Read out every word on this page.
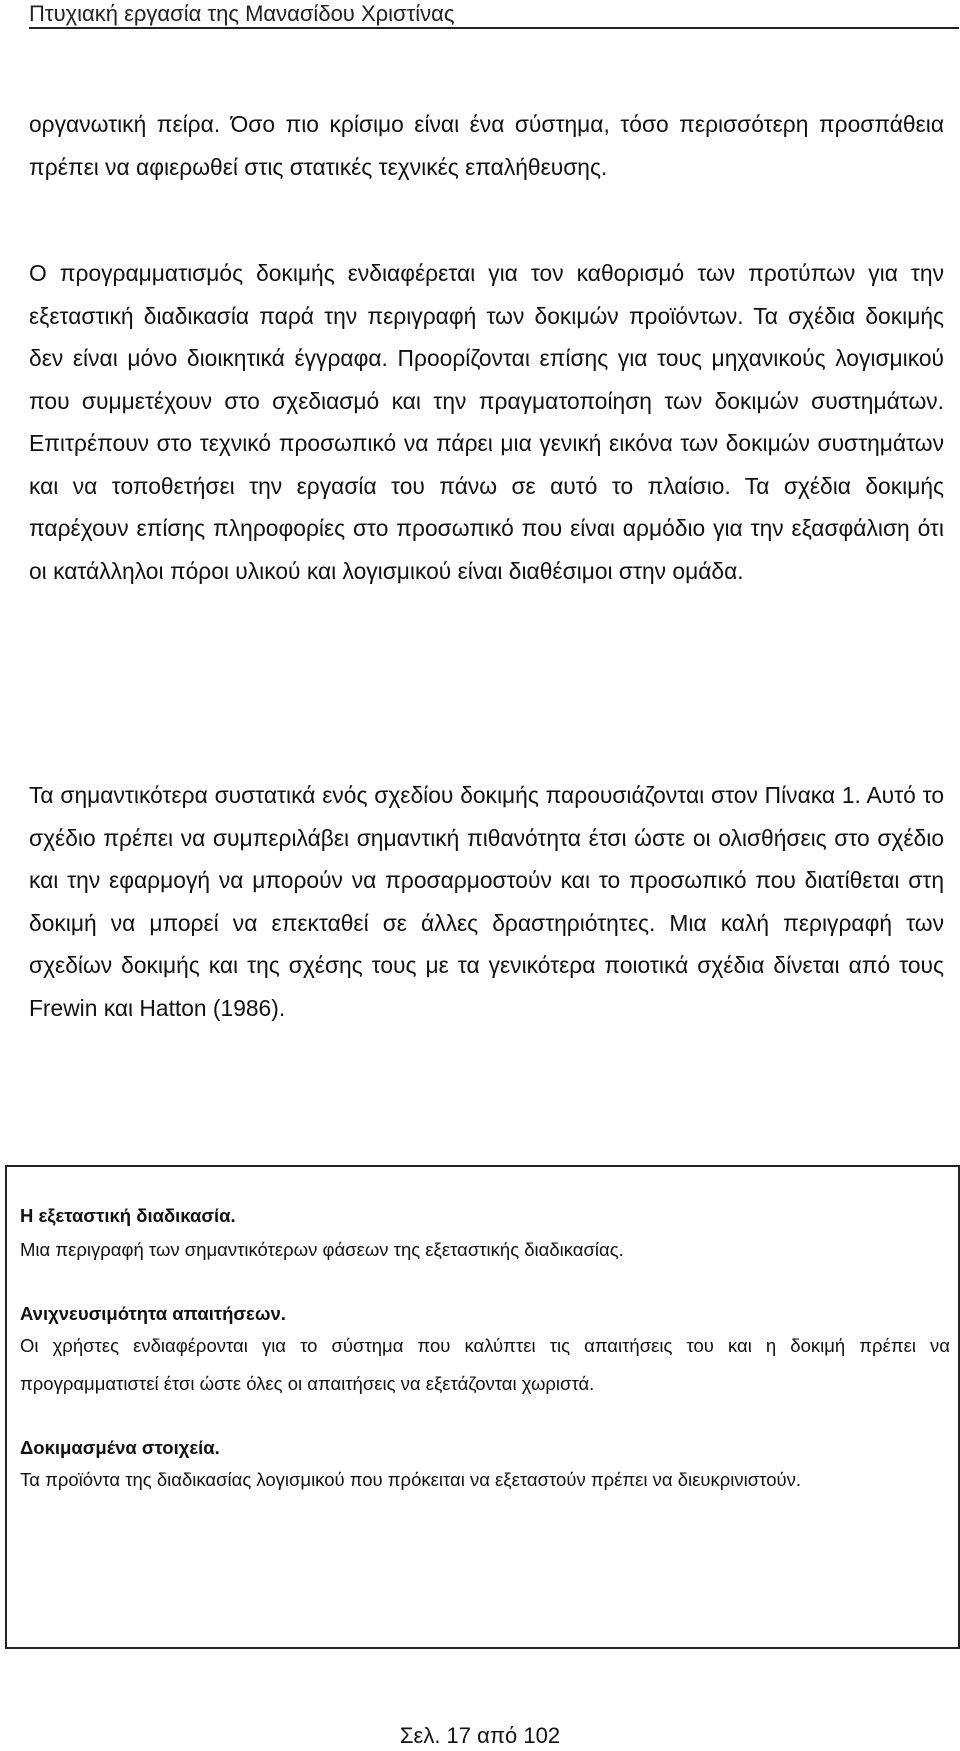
Πτυχιακή εργασία της Μανασίδου Χριστίνας
οργανωτική πείρα. Όσο πιο κρίσιμο είναι ένα σύστημα, τόσο περισσότερη προσπάθεια πρέπει να αφιερωθεί στις στατικές τεχνικές επαλήθευσης.
Ο προγραμματισμός δοκιμής ενδιαφέρεται για τον καθορισμό των προτύπων για την εξεταστική διαδικασία παρά την περιγραφή των δοκιμών προϊόντων. Τα σχέδια δοκιμής δεν είναι μόνο διοικητικά έγγραφα. Προορίζονται επίσης για τους μηχανικούς λογισμικού που συμμετέχουν στο σχεδιασμό και την πραγματοποίηση των δοκιμών συστημάτων. Επιτρέπουν στο τεχνικό προσωπικό να πάρει μια γενική εικόνα των δοκιμών συστημάτων και να τοποθετήσει την εργασία του πάνω σε αυτό το πλαίσιο. Τα σχέδια δοκιμής παρέχουν επίσης πληροφορίες στο προσωπικό που είναι αρμόδιο για την εξασφάλιση ότι οι κατάλληλοι πόροι υλικού και λογισμικού είναι διαθέσιμοι στην ομάδα.
Τα σημαντικότερα συστατικά ενός σχεδίου δοκιμής παρουσιάζονται στον Πίνακα 1. Αυτό το σχέδιο πρέπει να συμπεριλάβει σημαντική πιθανότητα έτσι ώστε οι ολισθήσεις στο σχέδιο και την εφαρμογή να μπορούν να προσαρμοστούν και το προσωπικό που διατίθεται στη δοκιμή να μπορεί να επεκταθεί σε άλλες δραστηριότητες. Μια καλή περιγραφή των σχεδίων δοκιμής και της σχέσης τους με τα γενικότερα ποιοτικά σχέδια δίνεται από τους Frewin και Hatton (1986).

Η εξεταστική διαδικασία.

Μια περιγραφή των σημαντικότερων φάσεων της εξεταστικής διαδικασίας.

Ανιχνευσιμότητα απαιτήσεων.

Οι χρήστες ενδιαφέρονται για το σύστημα που καλύπτει τις απαιτήσεις του και η δοκιμή πρέπει να προγραμματιστεί έτσι ώστε όλες οι απαιτήσεις να εξετάζονται χωριστά.

Δοκιμασμένα στοιχεία.

Τα προϊόντα της διαδικασίας λογισμικού που πρόκειται να εξεταστούν πρέπει να διευκρινιστούν.

Σελ. 17 από 102
